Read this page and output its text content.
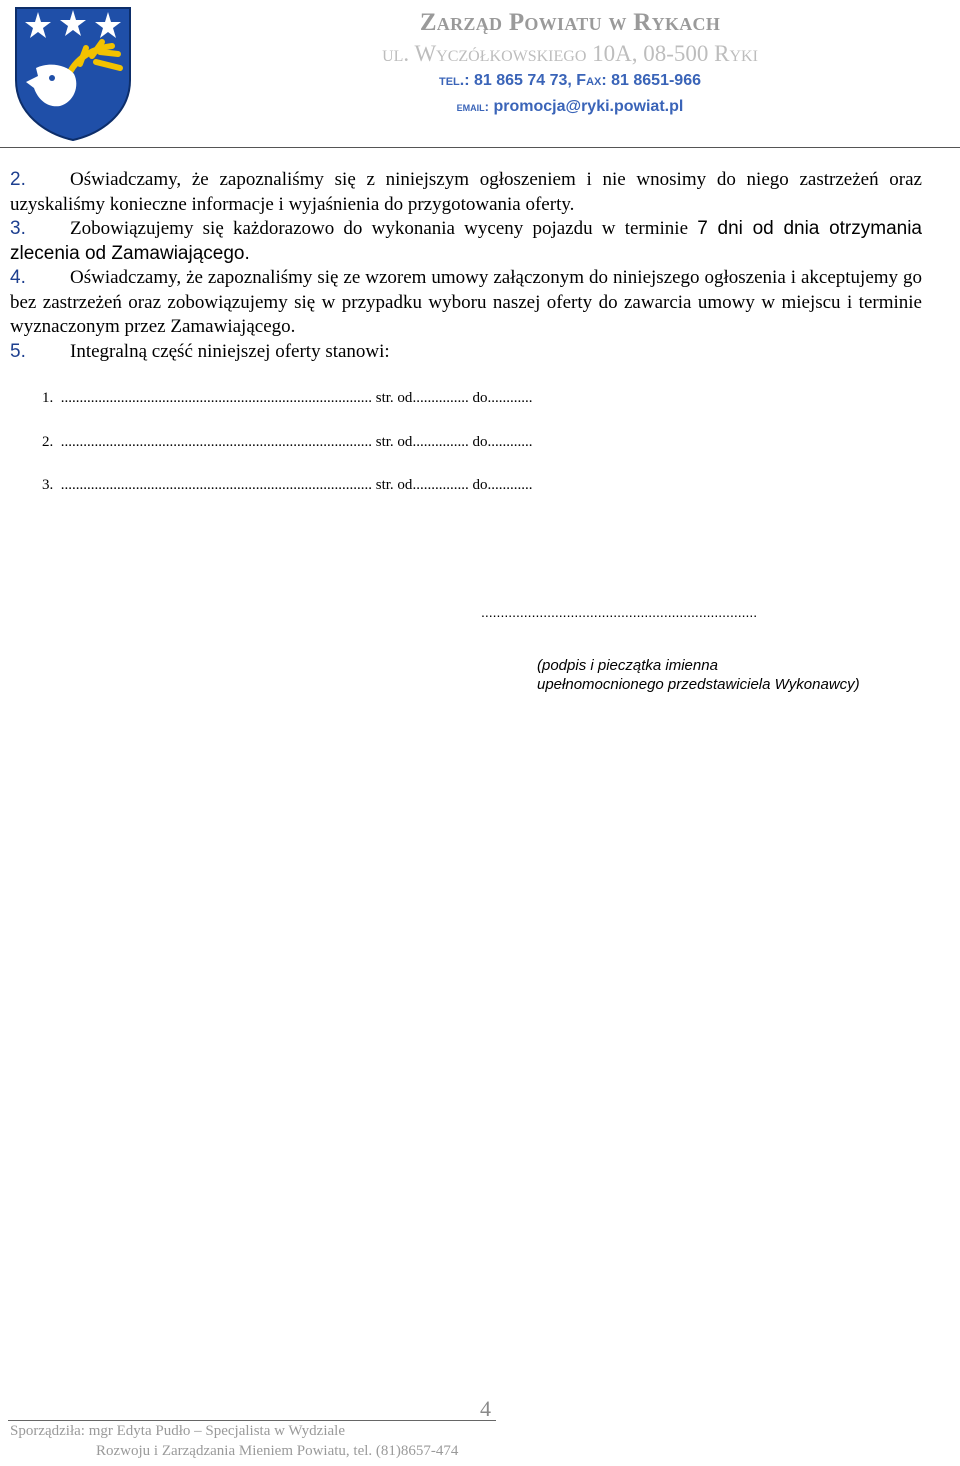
Zarząd Powiatu w Rykach
ul. Wyczółkowskiego 10A, 08-500 Ryki
tel.: 81 865 74 73, Fax: 81 8651-966
email: promocja@ryki.powiat.pl

2. Oświadczamy, że zapoznaliśmy się z niniejszym ogłoszeniem i nie wnosimy do niego zastrzeżeń oraz uzyskaliśmy konieczne informacje i wyjaśnienia do przygotowania oferty.

3. Zobowiązujemy się każdorazowo do wykonania wyceny pojazdu w terminie 7 dni od dnia otrzymania zlecenia od Zamawiającego.

4. Oświadczamy, że zapoznaliśmy się ze wzorem umowy załączonym do niniejszego ogłoszenia i akceptujemy go bez zastrzeżeń oraz zobowiązujemy się w przypadku wyboru naszej oferty do zawarcia umowy w miejscu i terminie wyznaczonym przez Zamawiającego.

5. Integralną część niniejszej oferty stanowi:

1. ................................................................................... str. od............... do............
2. ................................................................................... str. od............... do............
3. ................................................................................... str. od............... do............
.......................................................................
(podpis i pieczątka imienna
upełnomocnionego przedstawiciela Wykonawcy)
4
Sporządziła: mgr Edyta Pudło – Specjalista w Wydziale
Rozwoju i Zarządzania Mieniem Powiatu, tel. (81)8657-474
